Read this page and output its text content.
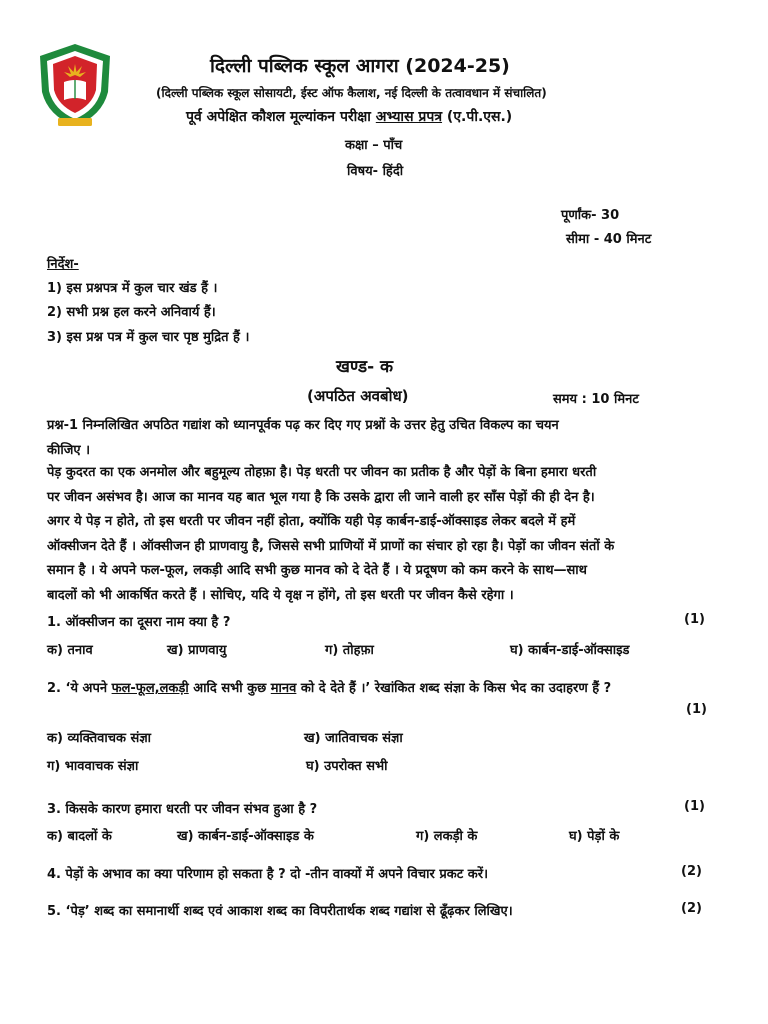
दिल्ली पब्लिक स्कूल आगरा (2024-25)
(दिल्ली पब्लिक स्कूल सोसायटी, ईस्ट ऑफ कैलाश, नई दिल्ली के तत्वावधान में संचालित)
पूर्व अपेक्षित कौशल मूल्यांकन परीक्षा अभ्यास प्रपत्र (ए.पी.एस.)
कक्षा – पाँच
विषय- हिंदी
पूर्णांक- 30
सीमा - 40 मिनट
निर्देश-
1) इस प्रश्नपत्र में कुल चार खंड हैं ।
2) सभी प्रश्न हल करने अनिवार्य हैं।
3) इस प्रश्न पत्र में कुल चार पृष्ठ मुद्रित हैं ।
खण्ड- क
(अपठित अवबोध)	समय : 10 मिनट

प्रश्न-1 निम्नलिखित अपठित गद्यांश को ध्यानपूर्वक पढ़ कर दिए गए प्रश्नों के उत्तर हेतु उचित विकल्प का चयन

कीजिए ।

पेड़ कुदरत का एक अनमोल और बहुमूल्य तोहफ़ा है। पेड़ धरती पर जीवन का प्रतीक है और पेड़ों के बिना हमारा धरती

पर जीवन असंभव है। आज का मानव यह बात भूल गया है कि उसके द्वारा ली जाने वाली हर साँस पेड़ों की ही देन है।

अगर ये पेड़ न होते, तो इस धरती पर जीवन नहीं होता, क्योंकि यही पेड़ कार्बन-डाई-ऑक्साइड लेकर बदले में हमें

ऑक्सीजन देते हैं । ऑक्सीजन ही प्राणवायु है, जिससे सभी प्राणियों में प्राणों का संचार हो रहा है। पेड़ों का जीवन संतों के

समान है । ये अपने फल-फूल, लकड़ी आदि सभी कुछ मानव को दे देते हैं । ये प्रदूषण को कम करने के साथ—साथ

बादलों को भी आकर्षित करते हैं । सोचिए, यदि ये वृक्ष न होंगे, तो इस धरती पर जीवन कैसे रहेगा ।

1. ऑक्सीजन का दूसरा नाम क्या है ?	(1)
क) तनाव	ख) प्राणवायु	ग) तोहफ़ा	घ) कार्बन-डाई-ऑक्साइड
2. ‘ये अपने फल-फूल,लकड़ी आदि सभी कुछ मानव को दे देते हैं ।’ रेखांकित शब्द संज्ञा के किस भेद का उदाहरण हैं ?
(1)
क) व्यक्तिवाचक संज्ञा	ख) जातिवाचक संज्ञा
ग) भाववाचक संज्ञा	घ) उपरोक्त सभी
3. किसके कारण हमारा धरती पर जीवन संभव हुआ है ?	(1)
क) बादलों के	ख) कार्बन-डाई-ऑक्साइड के	ग) लकड़ी के	घ) पेड़ों के
4. पेड़ों के अभाव का क्या परिणाम हो सकता है ? दो -तीन वाक्यों में अपने विचार प्रकट करें।	(2)
5. ‘पेड़’ शब्द का समानार्थी शब्द एवं आकाश शब्द का विपरीतार्थक शब्द गद्यांश से ढूँढ़कर लिखिए।	(2)
